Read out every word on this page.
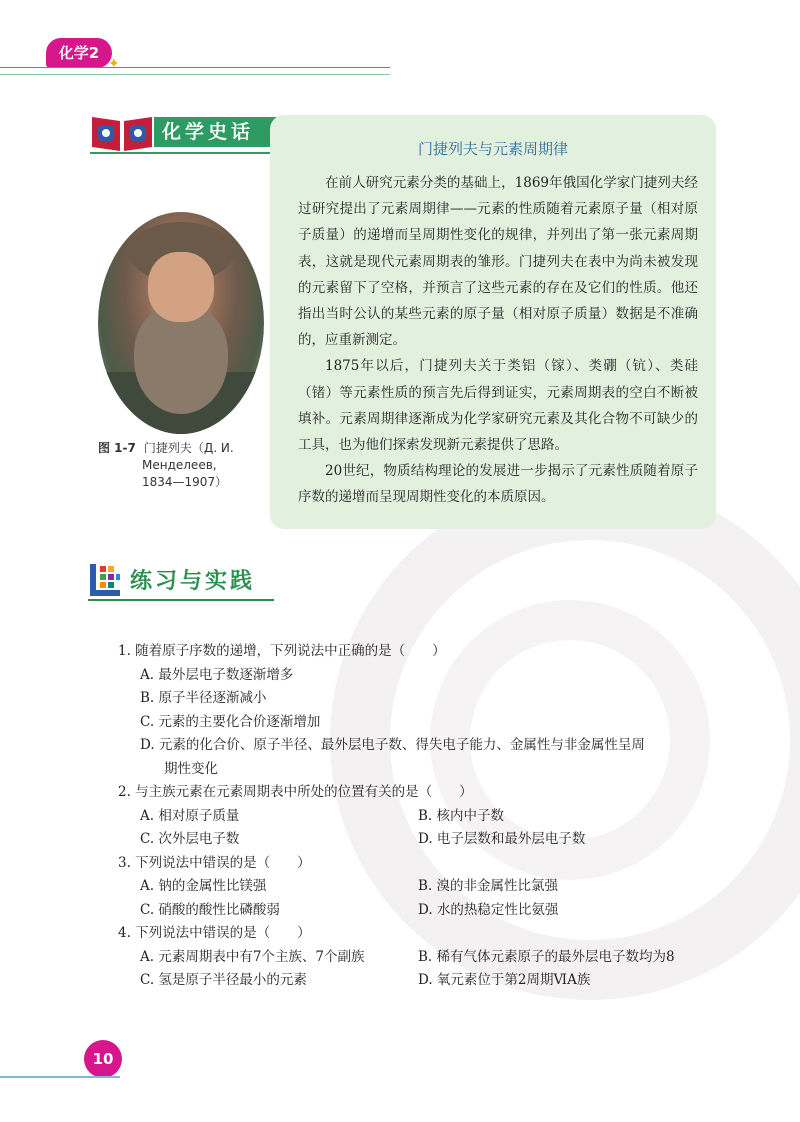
化学2
✦
化学史话
门捷列夫与元素周期律

在前人研究元素分类的基础上，1869年俄国化学家门捷列夫经过研究提出了元素周期律——元素的性质随着元素原子量（相对原子质量）的递增而呈周期性变化的规律，并列出了第一张元素周期表，这就是现代元素周期表的雏形。门捷列夫在表中为尚未被发现的元素留下了空格，并预言了这些元素的存在及它们的性质。他还指出当时公认的某些元素的原子量（相对原子质量）数据是不准确的，应重新测定。

1875年以后，门捷列夫关于类铝（镓）、类硼（钪）、类硅（锗）等元素性质的预言先后得到证实，元素周期表的空白不断被填补。元素周期律逐渐成为化学家研究元素及其化合物不可缺少的工具，也为他们探索发现新元素提供了思路。

20世纪，物质结构理论的发展进一步揭示了元素性质随着原子序数的递增而呈现周期性变化的本质原因。

图 1-7 门捷列夫（Д. И.
Менделеев,
1834—1907）
练习与实践

1. 随着原子序数的递增，下列说法中正确的是（　　）

A. 最外层电子数逐渐增多

B. 原子半径逐渐减小

C. 元素的主要化合价逐渐增加

D. 元素的化合价、原子半径、最外层电子数、得失电子能力、金属性与非金属性呈周
期性变化

2. 与主族元素在元素周期表中所处的位置有关的是（　　）

A. 相对原子质量	B. 核内中子数
C. 次外层电子数	D. 电子层数和最外层电子数

3. 下列说法中错误的是（　　）

A. 钠的金属性比镁强	B. 溴的非金属性比氯强
C. 硝酸的酸性比磷酸弱	D. 水的热稳定性比氨强

4. 下列说法中错误的是（　　）

A. 元素周期表中有7个主族、7个副族	B. 稀有气体元素原子的最外层电子数均为8
C. 氢是原子半径最小的元素	D. 氧元素位于第2周期ⅥA族
10
